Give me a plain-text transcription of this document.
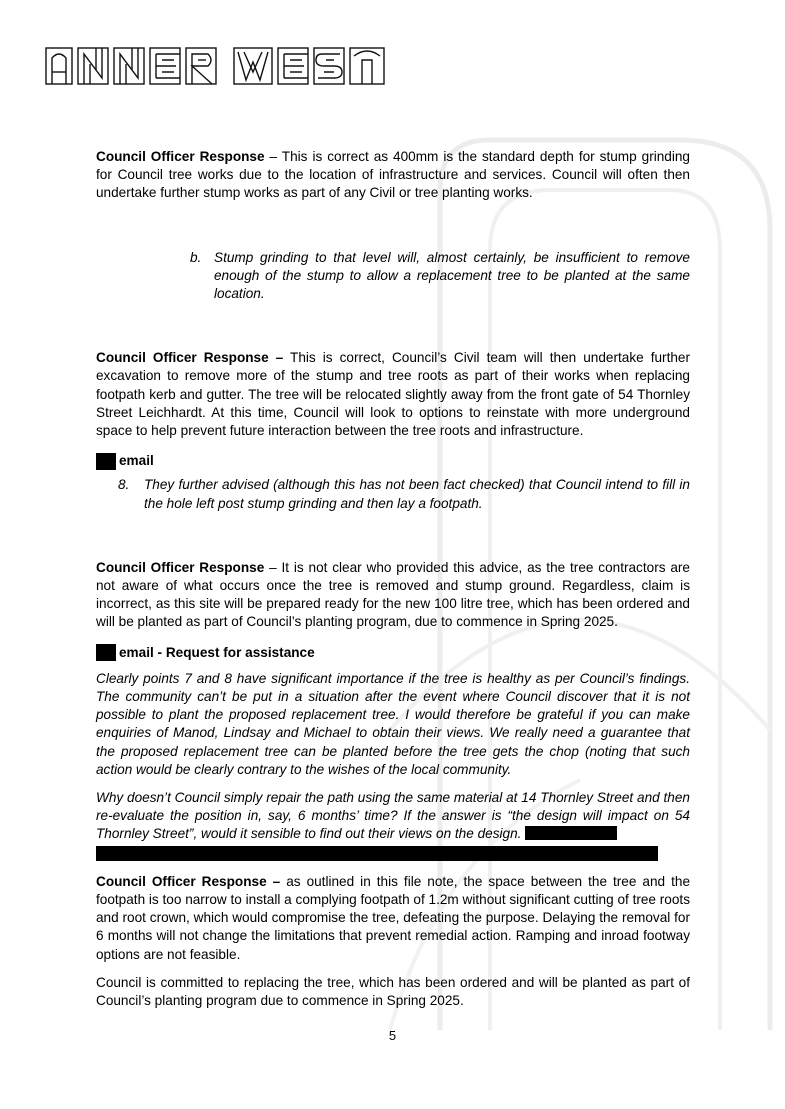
INNER WEST

Council Officer Response – This is correct as 400mm is the standard depth for stump grinding for Council tree works due to the location of infrastructure and services. Council will often then undertake further stump works as part of any Civil or tree planting works.

b. Stump grinding to that level will, almost certainly, be insufficient to remove enough of the stump to allow a replacement tree to be planted at the same location.

Council Officer Response – This is correct, Council’s Civil team will then undertake further excavation to remove more of the stump and tree roots as part of their works when replacing footpath kerb and gutter. The tree will be relocated slightly away from the front gate of 54 Thornley Street Leichhardt. At this time, Council will look to options to reinstate with more underground space to help prevent future interaction between the tree roots and infrastructure.

email
8.	They further advised (although this has not been fact checked) that Council intend to fill in the hole left post stump grinding and then lay a footpath.

Council Officer Response – It is not clear who provided this advice, as the tree contractors are not aware of what occurs once the tree is removed and stump ground. Regardless, claim is incorrect, as this site will be prepared ready for the new 100 litre tree, which has been ordered and will be planted as part of Council’s planting program, due to commence in Spring 2025.

email - Request for assistance

Clearly points 7 and 8 have significant importance if the tree is healthy as per Council’s findings. The community can’t be put in a situation after the event where Council discover that it is not possible to plant the proposed replacement tree. I would therefore be grateful if you can make enquiries of Manod, Lindsay and Michael to obtain their views. We really need a guarantee that the proposed replacement tree can be planted before the tree gets the chop (noting that such action would be clearly contrary to the wishes of the local community.

Why doesn’t Council simply repair the path using the same material at 14 Thornley Street and then re-evaluate the position in, say, 6 months’ time? If the answer is “the design will impact on 54 Thornley Street”, would it sensible to find out their views on the design.

Council Officer Response – as outlined in this file note, the space between the tree and the footpath is too narrow to install a complying footpath of 1.2m without significant cutting of tree roots and root crown, which would compromise the tree, defeating the purpose. Delaying the removal for 6 months will not change the limitations that prevent remedial action. Ramping and inroad footway options are not feasible.

Council is committed to replacing the tree, which has been ordered and will be planted as part of Council’s planting program due to commence in Spring 2025.

5
